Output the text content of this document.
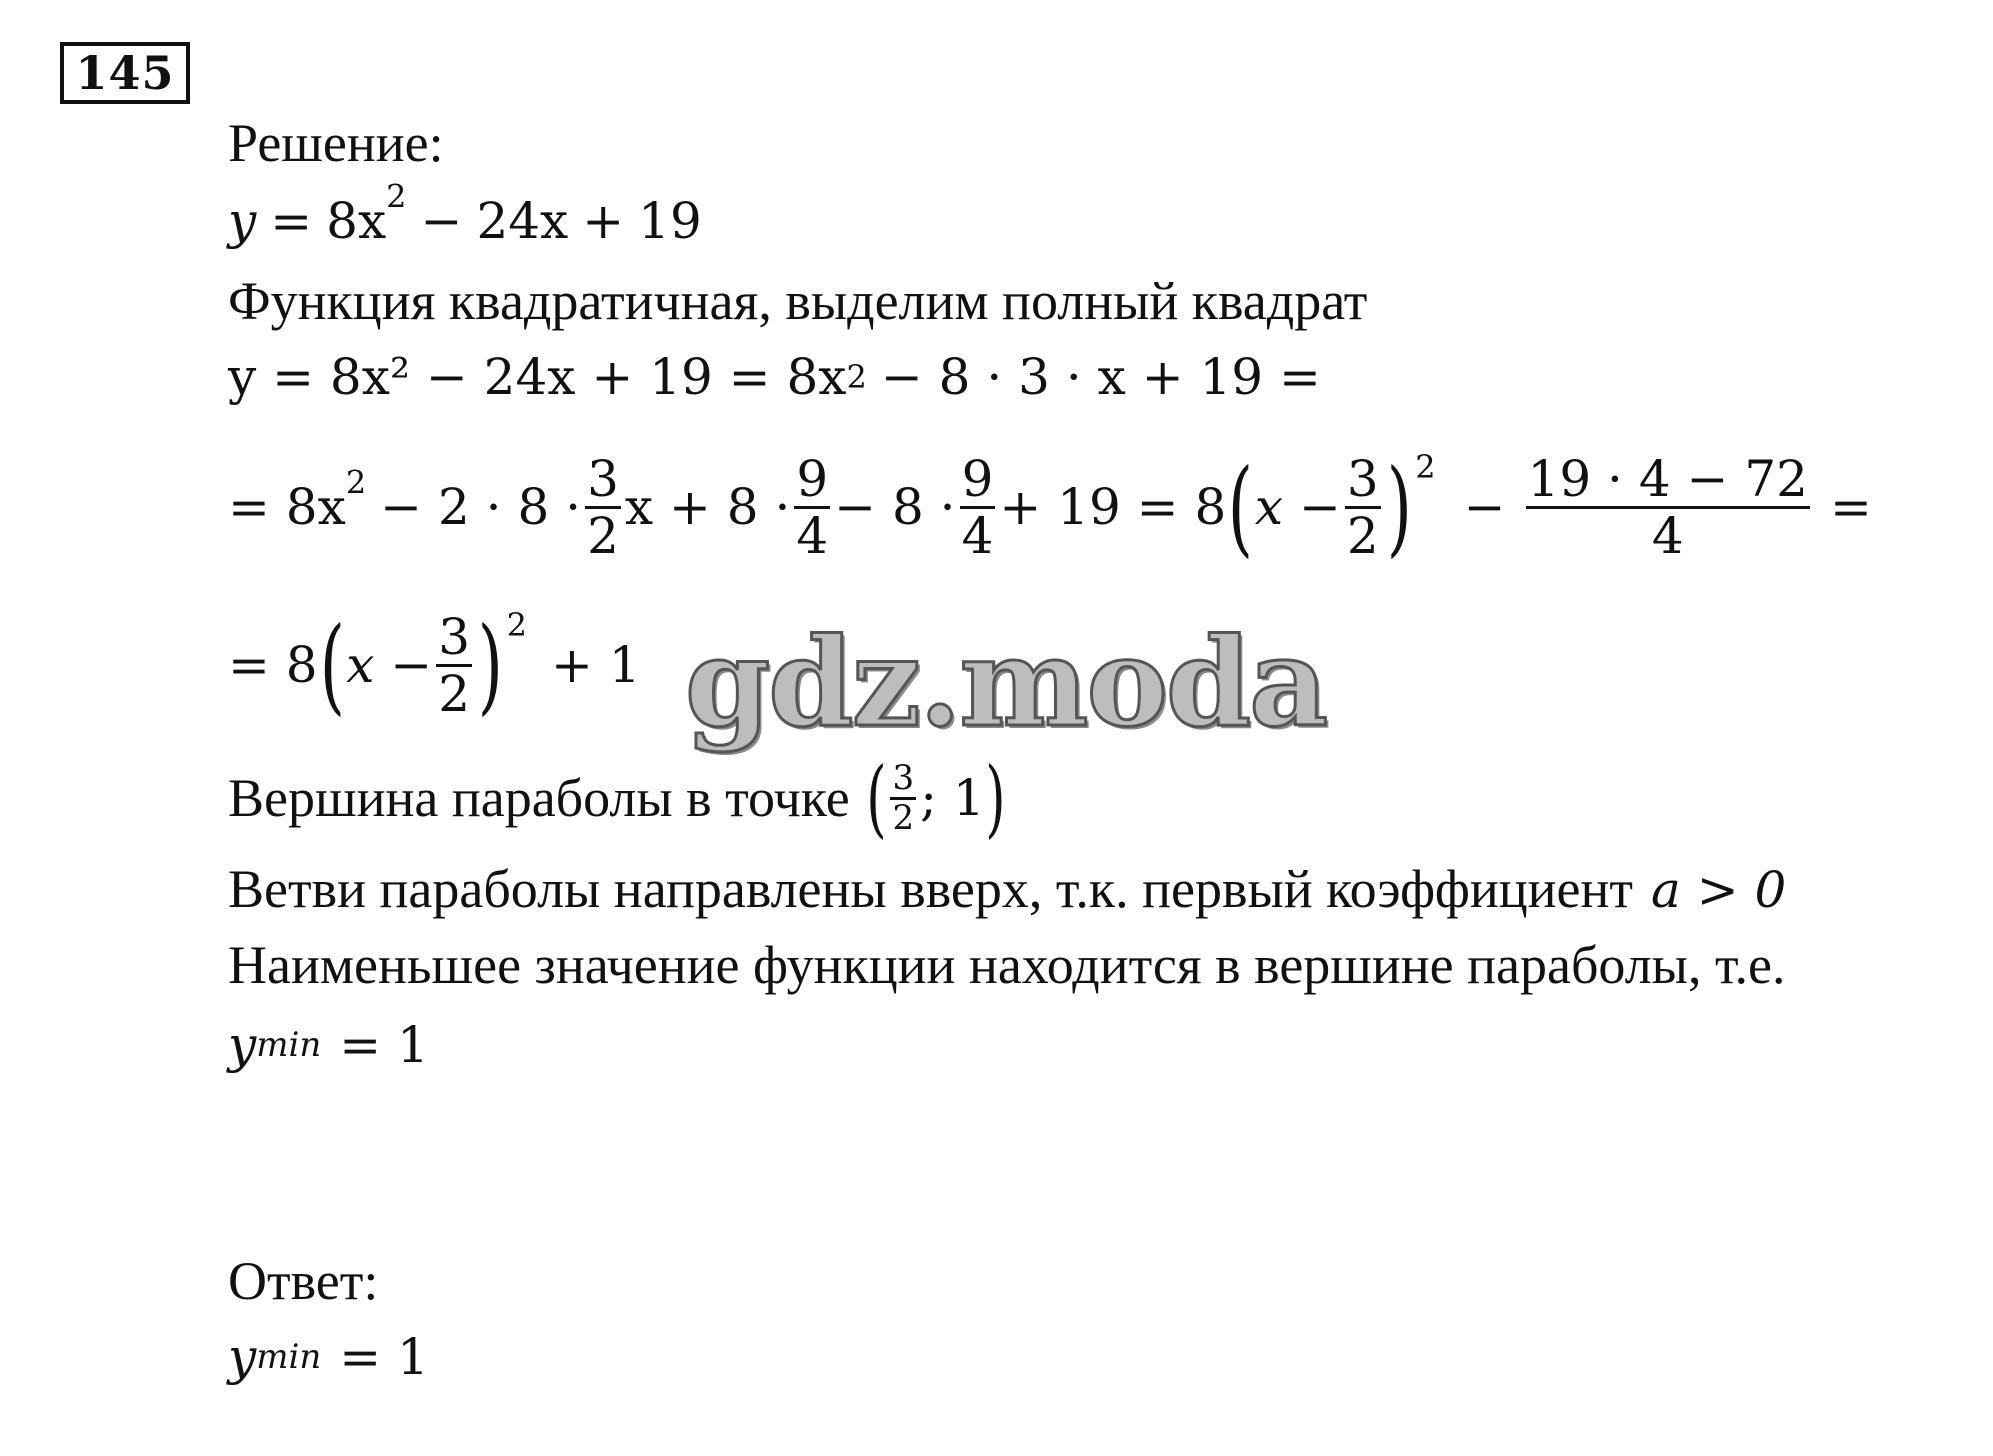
145
Решение:
$y = 8x^2 - 24x + 19$
Функция квадратичная, выделим полный квадрат
y = 8x² − 24x + 19 = 8x 2 − 8 · 3 · x + 19 =
= $8x^2 - 2 \cdot 8 \cdot \frac{3}{2}$ $x + 8 \cdot \frac{9}{4} - 8 \cdot \frac{9}{4} + 19 = 8$ ( $x - \frac{3}{2}$ ) 2
− $\frac{19 \cdot 4 - 72}{4}$ =
= 8 ( $x - \frac{3}{2}$ ) 2
+ 1 gdz.moda
Вершина параболы в точке ( $\frac{3}{2}$ ; 1 )
Ветви параболы направлены вверх, т.к. первый коэффициент a > 0
Наименьшее значение функции находится в вершине параболы, т.е.
y min = 1
Ответ:
y min = 1
